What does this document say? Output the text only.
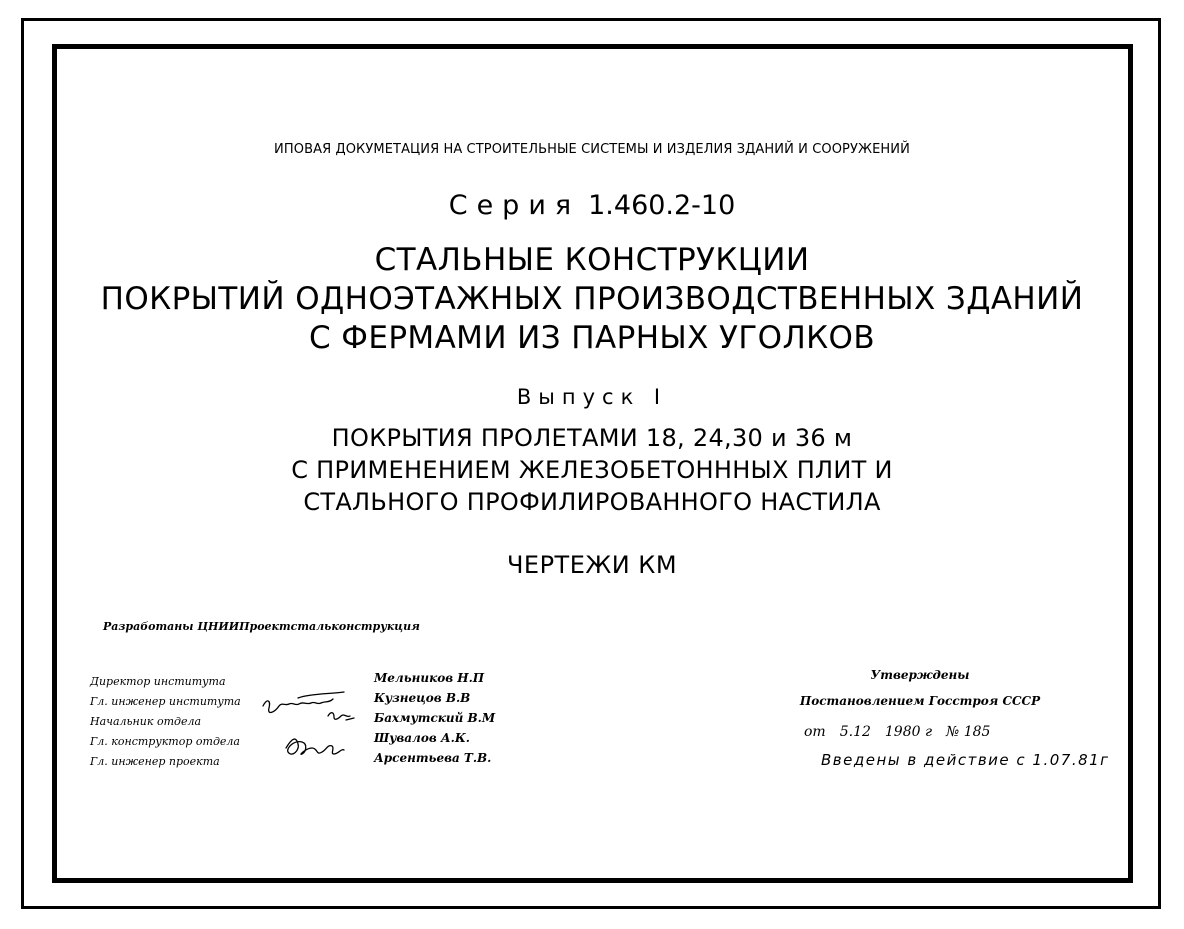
ИПОВАЯ ДОКУМЕТАЦИЯ НА СТРОИТЕЛЬНЫЕ СИСТЕМЫ И ИЗДЕЛИЯ ЗДАНИЙ И СООРУЖЕНИЙ
Серия 1.460.2-10
СТАЛЬНЫЕ КОНСТРУКЦИИ
ПОКРЫТИЙ ОДНОЭТАЖНЫХ ПРОИЗВОДСТВЕННЫХ ЗДАНИЙ
С ФЕРМАМИ ИЗ ПАРНЫХ УГОЛКОВ
Выпуск I
ПОКРЫТИЯ ПРОЛЕТАМИ 18, 24,30 и 36 м
С ПРИМЕНЕНИЕМ ЖЕЛЕЗОБЕТОНННЫХ ПЛИТ И
СТАЛЬНОГО ПРОФИЛИРОВАННОГО НАСТИЛА
ЧЕРТЕЖИ КМ
Разработаны ЦНИИПроектстальконструкция
Директор института
Гл. инженер института
Начальник отдела
Гл. конструктор отдела
Гл. инженер проекта
Мельников Н.П
Кузнецов В.В
Бахмутский В.М
Шувалов А.К.
Арсентьева Т.В.
Утверждены
Постановлением Госстроя СССР
от 5.12 1980 г № 185
Введены в действие с 1.07.81г
